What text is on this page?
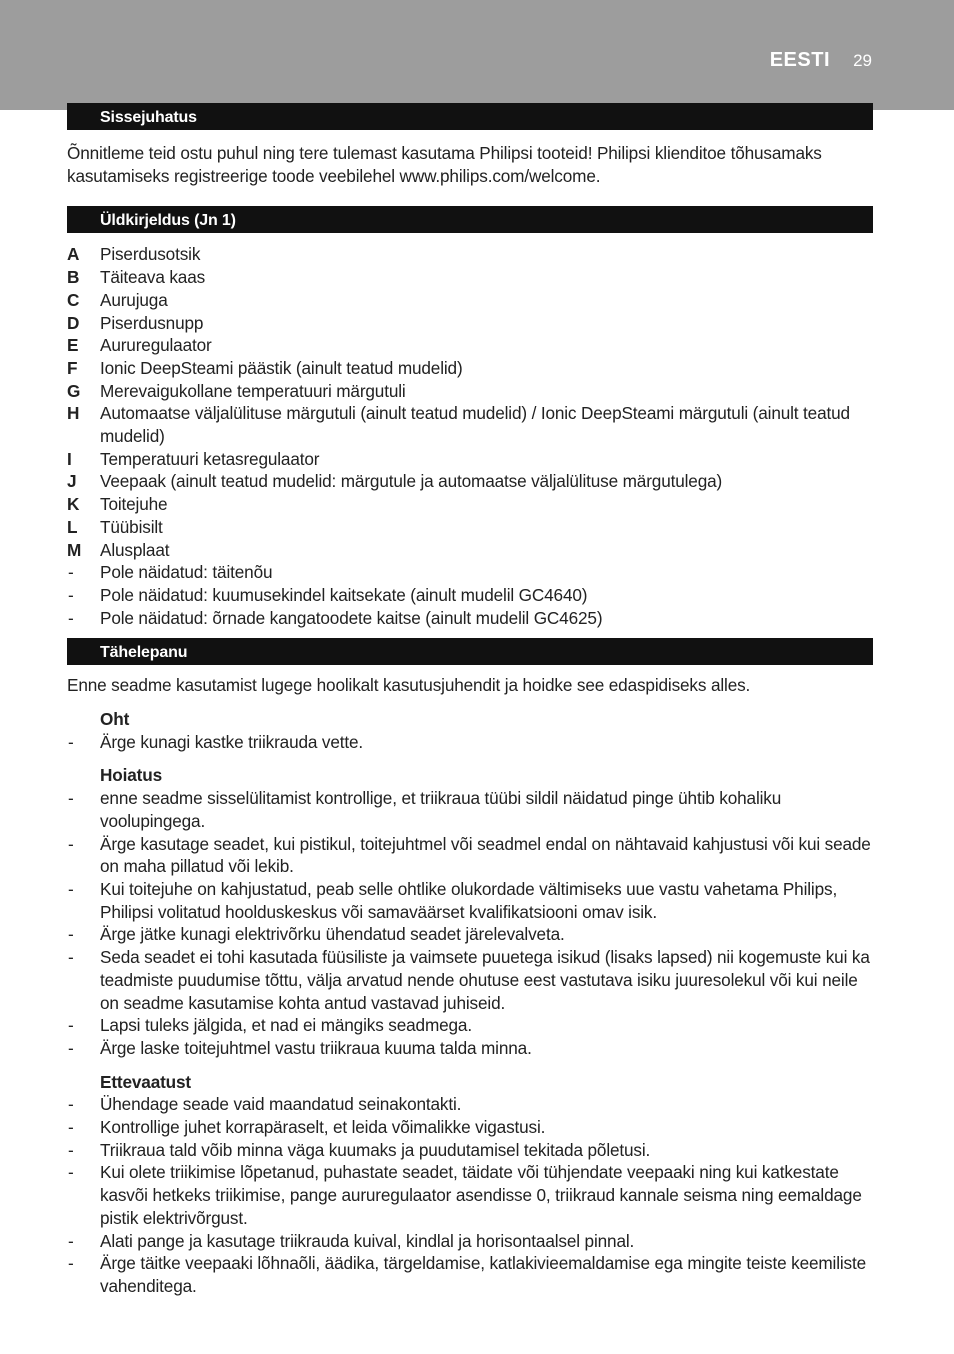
EESTI 29
Sissejuhatus

Õnnitleme teid ostu puhul ning tere tulemast kasutama Philipsi tooteid! Philipsi klienditoe tõhusamaks kasutamiseks registreerige toode veebilehel www.philips.com/welcome.

Üldkirjeldus (Jn 1)
A	Piserdusotsik
B	Täiteava kaas
C	Aurujuga
D	Piserdusnupp
E	Aururegulaator
F	Ionic DeepSteami päästik (ainult teatud mudelid)
G	Merevaigukollane temperatuuri märgutuli
H	Automaatse väljalülituse märgutuli (ainult teatud mudelid) / Ionic DeepSteami märgutuli (ainult teatud mudelid)
I	Temperatuuri ketasregulaator
J	Veepaak (ainult teatud mudelid: märgutule ja automaatse väljalülituse märgutulega)
K	Toitejuhe
L	Tüübisilt
M	Alusplaat
-	Pole näidatud: täitenõu
-	Pole näidatud: kuumusekindel kaitsekate (ainult mudelil GC4640)
-	Pole näidatud: õrnade kangatoodete kaitse (ainult mudelil GC4625)
Tähelepanu

Enne seadme kasutamist lugege hoolikalt kasutusjuhendit ja hoidke see edaspidiseks alles.

Oht
-	Ärge kunagi kastke triikrauda vette.
Hoiatus
-	enne seadme sisselülitamist kontrollige, et triikraua tüübi sildil näidatud pinge ühtib kohaliku voolupingega.
-	Ärge kasutage seadet, kui pistikul, toitejuhtmel või seadmel endal on nähtavaid kahjustusi või kui seade on maha pillatud või lekib.
-	Kui toitejuhe on kahjustatud, peab selle ohtlike olukordade vältimiseks uue vastu vahetama Philips, Philipsi volitatud hoolduskeskus või samaväärset kvalifikatsiooni omav isik.
-	Ärge jätke kunagi elektrivõrku ühendatud seadet järelevalveta.
-	Seda seadet ei tohi kasutada füüsiliste ja vaimsete puuetega isikud (lisaks lapsed) nii kogemuste kui ka teadmiste puudumise tõttu, välja arvatud nende ohutuse eest vastutava isiku juuresolekul või kui neile on seadme kasutamise kohta antud vastavad juhiseid.
-	Lapsi tuleks jälgida, et nad ei mängiks seadmega.
-	Ärge laske toitejuhtmel vastu triikraua kuuma talda minna.
Ettevaatust
-	Ühendage seade vaid maandatud seinakontakti.
-	Kontrollige juhet korrapäraselt, et leida võimalikke vigastusi.
-	Triikraua tald võib minna väga kuumaks ja puudutamisel tekitada põletusi.
-	Kui olete triikimise lõpetanud, puhastate seadet, täidate või tühjendate veepaaki ning kui katkestate kasvõi hetkeks triikimise, pange aururegulaator asendisse 0, triikraud kannale seisma ning eemaldage pistik elektrivõrgust.
-	Alati pange ja kasutage triikrauda kuival, kindlal ja horisontaalsel pinnal.
-	Ärge täitke veepaaki lõhnaõli, äädika, tärgeldamise, katlakivieemaldamise ega mingite teiste keemiliste vahenditega.
